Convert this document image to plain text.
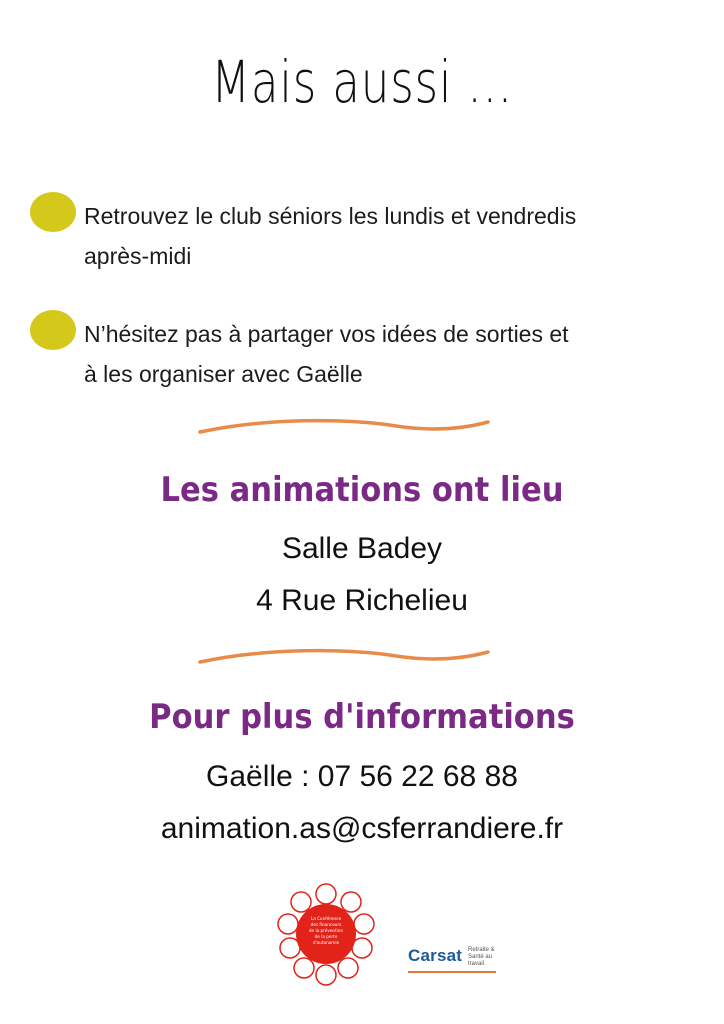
Mais aussi ...
Retrouvez le club séniors les lundis et vendredis
après-midi
N’hésitez pas à partager vos idées de sorties et
à les organiser avec Gaëlle
Les animations ont lieu
Salle Badey
4 Rue Richelieu
Pour plus d'informations
Gaëlle : 07 56 22 68 88
animation.as@csferrandiere.fr
La Conférence
des financeurs
de la prévention
de la perte
d'autonomie
Carsat Retraite & Santé au travail
